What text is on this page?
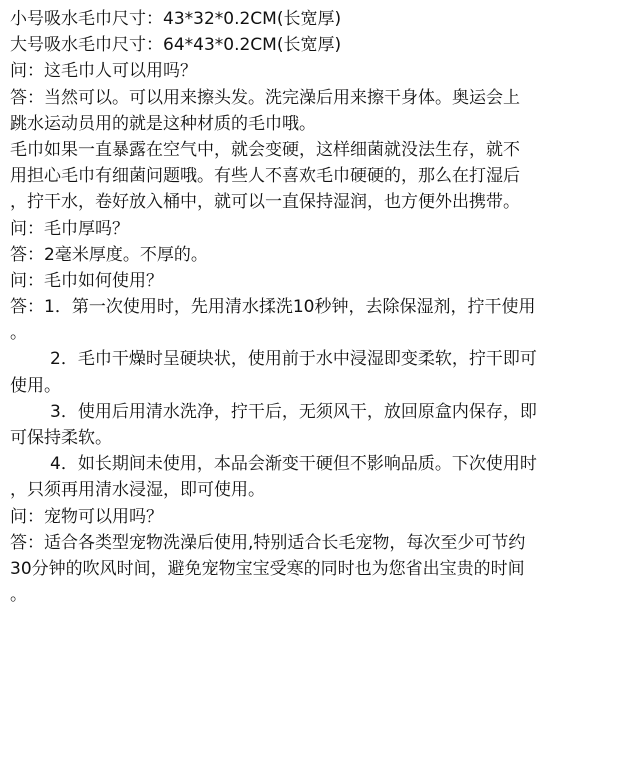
小号吸水毛巾尺寸：43*32*0.2CM(长宽厚)
大号吸水毛巾尺寸：64*43*0.2CM(长宽厚)
问：这毛巾人可以用吗？
答：当然可以。可以用来擦头发。洗完澡后用来擦干身体。奥运会上
跳水运动员用的就是这种材质的毛巾哦。
毛巾如果一直暴露在空气中，就会变硬，这样细菌就没法生存，就不
用担心毛巾有细菌问题哦。有些人不喜欢毛巾硬硬的，那么在打湿后
，拧干水，卷好放入桶中，就可以一直保持湿润，也方便外出携带。
问：毛巾厚吗？
答：2毫米厚度。不厚的。
问：毛巾如何使用？
答：1．第一次使用时，先用清水揉洗10秒钟，去除保湿剂，拧干使用
。
2．毛巾干燥时呈硬块状，使用前于水中浸湿即变柔软，拧干即可
使用。
3．使用后用清水洗净，拧干后，无须风干，放回原盒内保存，即
可保持柔软。
4．如长期间未使用，本品会渐变干硬但不影响品质。下次使用时
，只须再用清水浸湿，即可使用。
问：宠物可以用吗？
答：适合各类型宠物洗澡后使用,特别适合长毛宠物，每次至少可节约
30分钟的吹风时间，避免宠物宝宝受寒的同时也为您省出宝贵的时间
。
